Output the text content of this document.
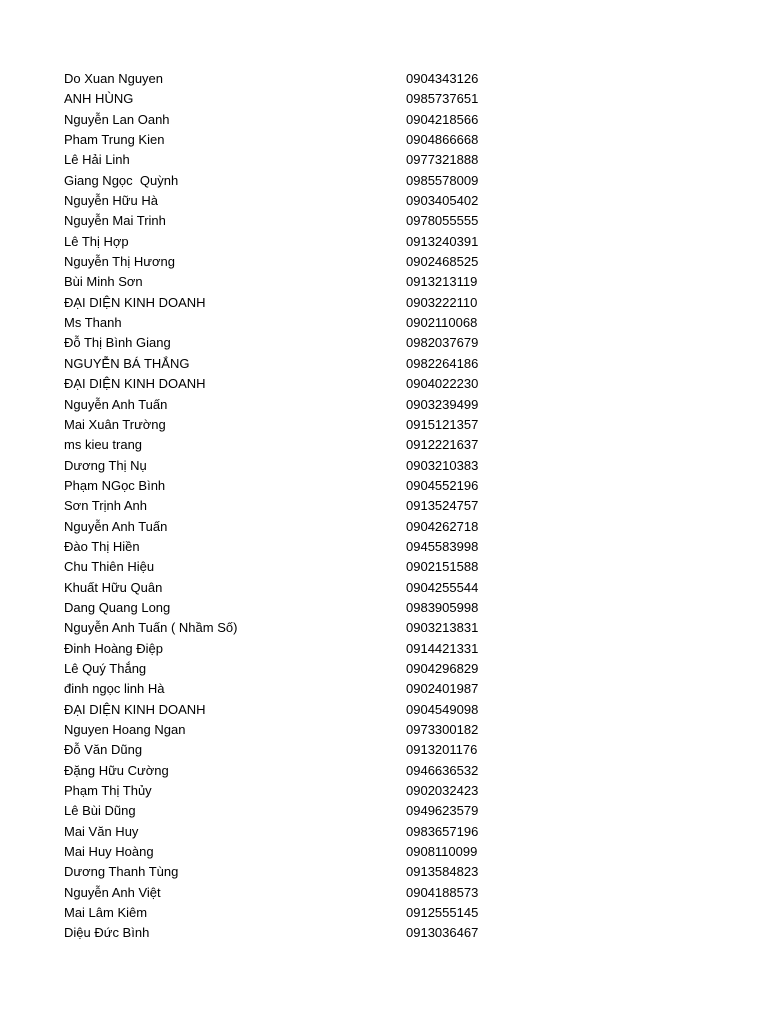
Do Xuan Nguyen	0904343126
ANH HÙNG	0985737651
Nguyễn Lan Oanh	0904218566
Pham Trung Kien	0904866668
Lê Hải Linh	0977321888
Giang Ngọc  Quỳnh	0985578009
Nguyễn Hữu Hà	0903405402
Nguyễn Mai Trinh	0978055555
Lê Thị Hợp	0913240391
Nguyễn Thị Hương	0902468525
Bùi Minh Sơn	0913213119
ĐẠI DIỆN KINH DOANH	0903222110
Ms Thanh	0902110068
Đỗ Thị Bình Giang	0982037679
NGUYỄN BÁ THẮNG	0982264186
ĐẠI DIỆN KINH DOANH	0904022230
Nguyễn Anh Tuấn	0903239499
Mai Xuân Trường	0915121357
ms kieu trang	0912221637
Dương Thị Nụ	0903210383
Phạm NGọc Bình	0904552196
Sơn Trịnh Anh	0913524757
Nguyễn Anh Tuấn	0904262718
Đào Thị Hiền	0945583998
Chu Thiên Hiệu	0902151588
Khuất Hữu Quân	0904255544
Dang Quang Long	0983905998
Nguyễn Anh Tuấn ( Nhầm Số)	0903213831
Đinh Hoàng Điệp	0914421331
Lê Quý Thắng	0904296829
đinh ngọc linh Hà	0902401987
ĐẠI DIỆN KINH DOANH	0904549098
Nguyen Hoang Ngan	0973300182
Đỗ Văn Dũng	0913201176
Đặng Hữu Cường	0946636532
Phạm Thị Thủy	0902032423
Lê Bùi Dũng	0949623579
Mai Văn Huy	0983657196
Mai Huy Hoàng	0908110099
Dương Thanh Tùng	0913584823
Nguyễn Anh Việt	0904188573
Mai Lâm Kiêm	0912555145
Diệu Đức Bình	0913036467
